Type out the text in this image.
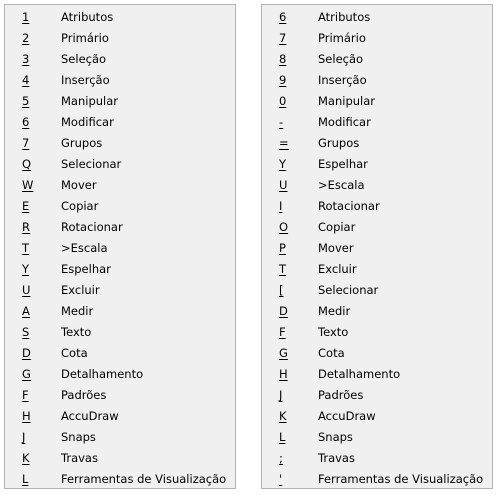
1	Atributos
2	Primário
3	Seleção
4	Inserção
5	Manipular
6	Modificar
7	Grupos
Q	Selecionar
W	Mover
E	Copiar
R	Rotacionar
T	>Escala
Y	Espelhar
U	Excluir
A	Medir
S	Texto
D	Cota
G	Detalhamento
F	Padrões
H	AccuDraw
J	Snaps
K	Travas
L	Ferramentas de Visualização
6	Atributos
7	Primário
8	Seleção
9	Inserção
0	Manipular
-	Modificar
=	Grupos
Y	Espelhar
U	>Escala
I	Rotacionar
O	Copiar
P	Mover
T	Excluir
[	Selecionar
D	Medir
F	Texto
G	Cota
H	Detalhamento
J	Padrões
K	AccuDraw
L	Snaps
;	Travas
'	Ferramentas de Visualização
